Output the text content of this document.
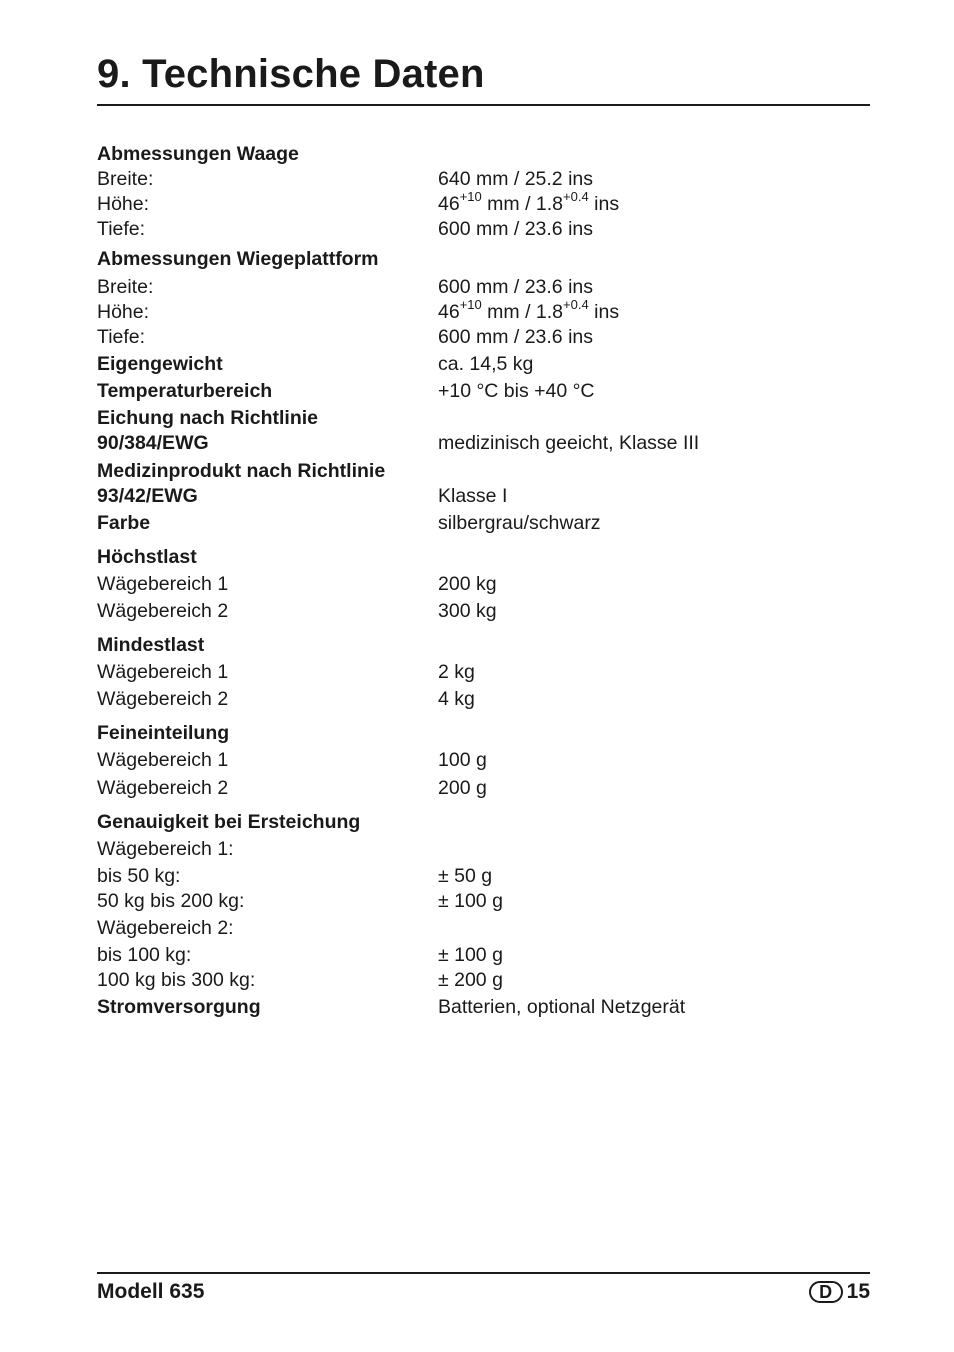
9. Technische Daten
Abmessungen Waage
Breite:	640 mm / 25.2 ins
Höhe:	$46^{+10}$ mm / $1.8^{+0.4}$ ins
Tiefe:	600 mm / 23.6 ins
Abmessungen Wiegeplattform
Breite:	600 mm / 23.6 ins
Höhe:	$46^{+10}$ mm / $1.8^{+0.4}$ ins
Tiefe:	600 mm / 23.6 ins
Eigengewicht	ca. 14,5 kg
Temperaturbereich	+10 °C bis +40 °C
Eichung nach Richtlinie
90/384/EWG	medizinisch geeicht, Klasse III
Medizinprodukt nach Richtlinie
93/42/EWG	Klasse I
Farbe	silbergrau/schwarz
Höchstlast
Wägebereich 1	200 kg
Wägebereich 2	300 kg
Mindestlast
Wägebereich 1	2 kg
Wägebereich 2	4 kg
Feineinteilung
Wägebereich 1	100 g
Wägebereich 2	200 g
Genauigkeit bei Ersteichung
Wägebereich 1:
bis 50 kg:	± 50 g
50 kg bis 200 kg:	± 100 g
Wägebereich 2:
bis 100 kg:	± 100 g
100 kg bis 300 kg:	± 200 g
Stromversorgung	Batterien, optional Netzgerät
Modell 635	D 15
